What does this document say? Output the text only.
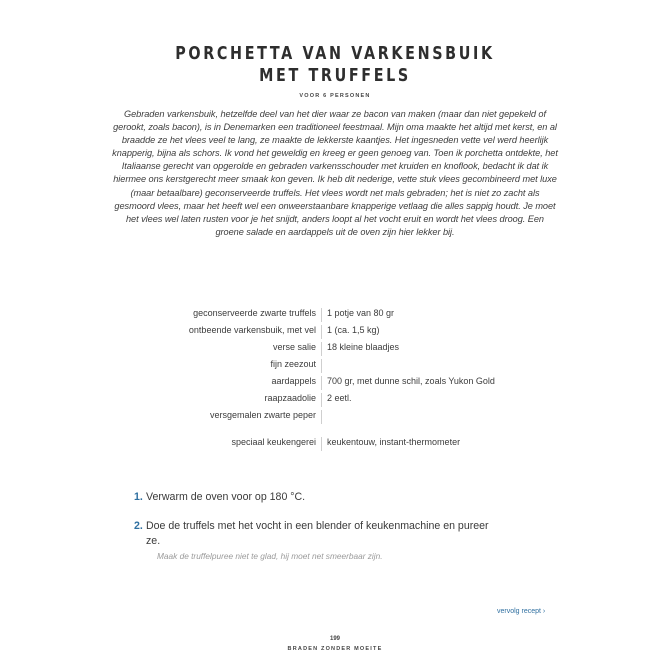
PORCHETTA VAN VARKENSBUIK
MET TRUFFELS
VOOR 6 PERSONEN
Gebraden varkensbuik, hetzelfde deel van het dier waar ze bacon van maken (maar dan niet gepekeld of gerookt, zoals bacon), is in Denemarken een traditioneel feestmaal. Mijn oma maakte het altijd met kerst, en al braadde ze het vlees veel te lang, ze maakte de lekkerste kaantjes. Het ingesneden vette vel werd heerlijk knapperig, bijna als schors. Ik vond het geweldig en kreeg er geen genoeg van. Toen ik porchetta ontdekte, het Italiaanse gerecht van opgerolde en gebraden varkensschouder met kruiden en knoflook, bedacht ik dat ik hiermee ons kerstgerecht meer smaak kon geven. Ik heb dit nederige, vette stuk vlees gecombineerd met luxe (maar betaalbare) geconserveerde truffels. Het vlees wordt net mals gebraden; het is niet zo zacht als gesmoord vlees, maar het heeft wel een onweerstaanbare knapperige vetlaag die alles sappig houdt. Je moet het vlees wel laten rusten voor je het snijdt, anders loopt al het vocht eruit en wordt het vlees droog. Een groene salade en aardappels uit de oven zijn hier lekker bij.
geconserveerde zwarte truffels 1 potje van 80 gr
ontbeende varkensbuik, met vel 1 (ca. 1,5 kg)
verse salie 18 kleine blaadjes
fijn zeezout
aardappels 700 gr, met dunne schil, zoals Yukon Gold
raapzaadolie 2 eetl.
versgemalen zwarte peper
speciaal keukengerei keukentouw, instant-thermometer
1. Verwarm de oven voor op 180 °C.
2. Doe de truffels met het vocht in een blender of keukenmachine en pureer ze.
Maak de truffelpuree niet te glad, hij moet net smeerbaar zijn.
vervolg recept ›
199
BRADEN ZONDER MOEITE
